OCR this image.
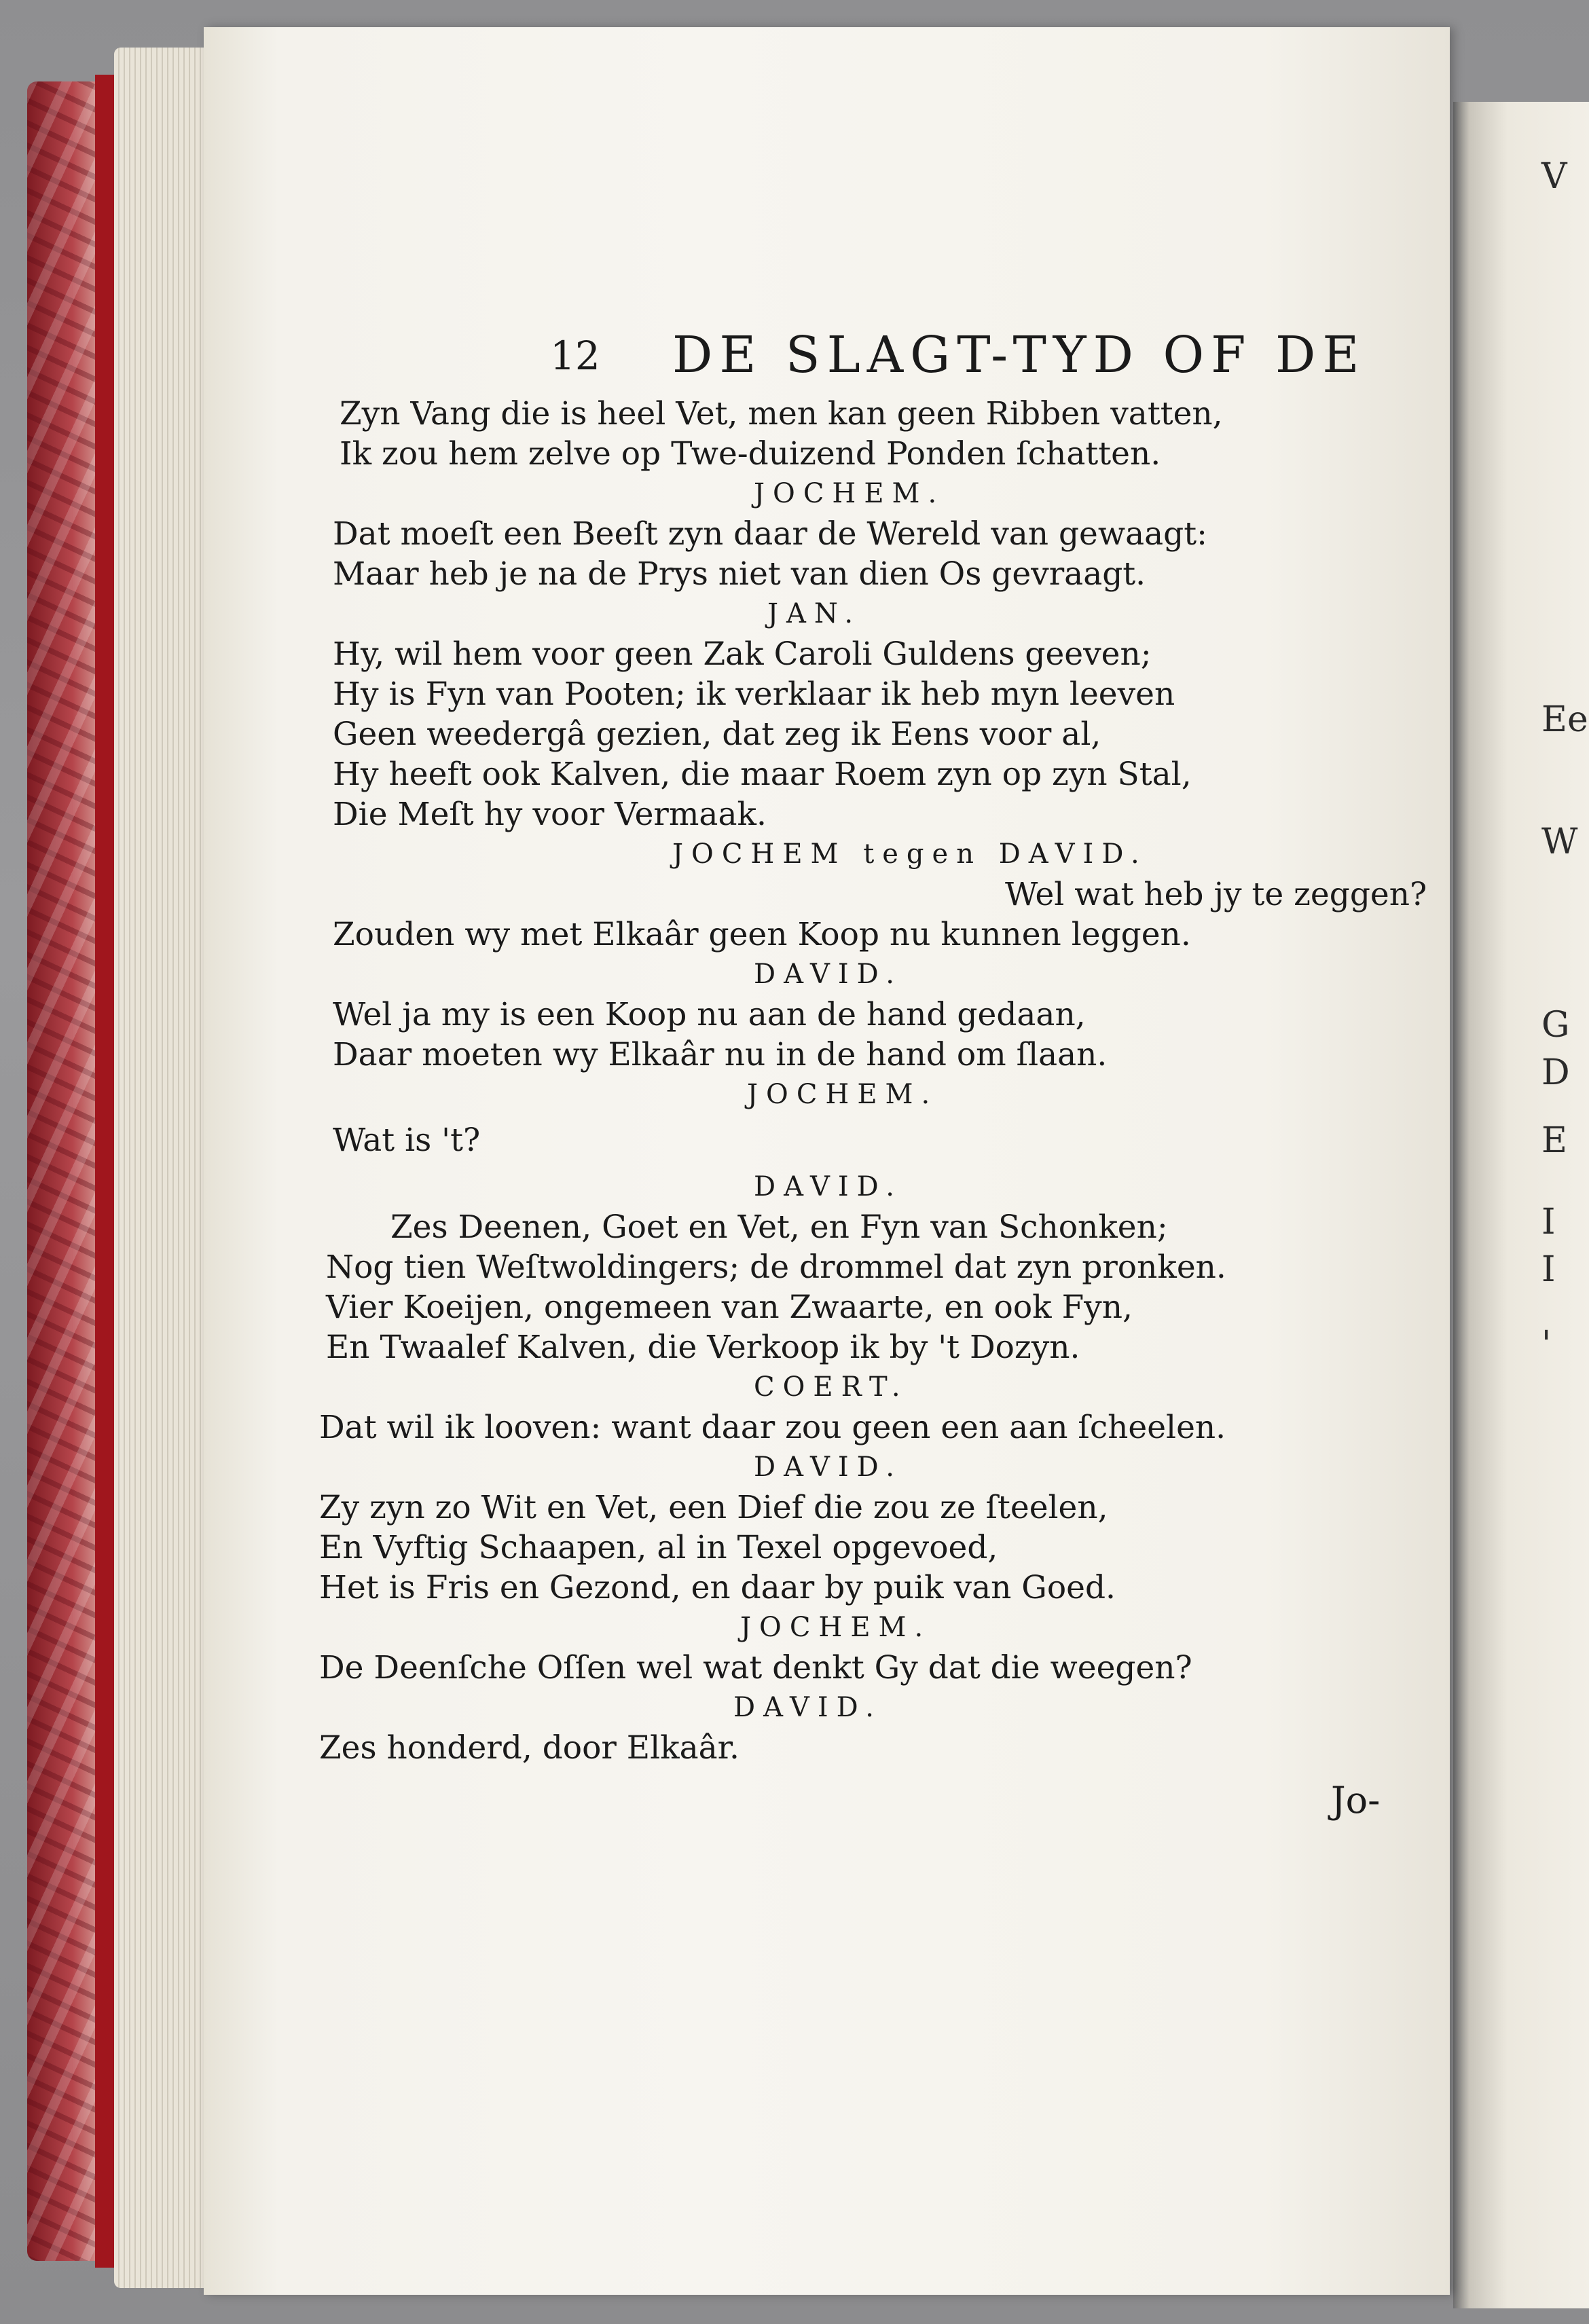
V
Ee
W
G
D
E
I
I
'
12 DE SLAGT-TYD OF DE
Zyn Vang die is heel Vet, men kan geen Ribben vatten,
Ik zou hem zelve op Twe-duizend Ponden ſchatten.
JOCHEM.
Dat moeſt een Beeſt zyn daar de Wereld van gewaagt:
Maar heb je na de Prys niet van dien Os gevraagt.
JAN.
Hy, wil hem voor geen Zak Caroli Guldens geeven;
Hy is Fyn van Pooten; ik verklaar ik heb myn leeven
Geen weedergâ gezien, dat zeg ik Eens voor al,
Hy heeft ook Kalven, die maar Roem zyn op zyn Stal,
Die Meſt hy voor Vermaak.
JOCHEM tegen DAVID.
Wel wat heb jy te zeggen?
Zouden wy met Elkaâr geen Koop nu kunnen leggen.
DAVID.
Wel ja my is een Koop nu aan de hand gedaan,
Daar moeten wy Elkaâr nu in de hand om ſlaan.
JOCHEM.
Wat is 't?
DAVID.
Zes Deenen, Goet en Vet, en Fyn van Schonken;
Nog tien Weſtwoldingers; de drommel dat zyn pronken.
Vier Koeijen, ongemeen van Zwaarte, en ook Fyn,
En Twaalef Kalven, die Verkoop ik by 't Dozyn.
COERT.
Dat wil ik looven: want daar zou geen een aan ſcheelen.
DAVID.
Zy zyn zo Wit en Vet, een Dief die zou ze ſteelen,
En Vyftig Schaapen, al in Texel opgevoed,
Het is Fris en Gezond, en daar by puik van Goed.
JOCHEM.
De Deenſche Oſſen wel wat denkt Gy dat die weegen?
DAVID.
Zes honderd, door Elkaâr.
Jo-
